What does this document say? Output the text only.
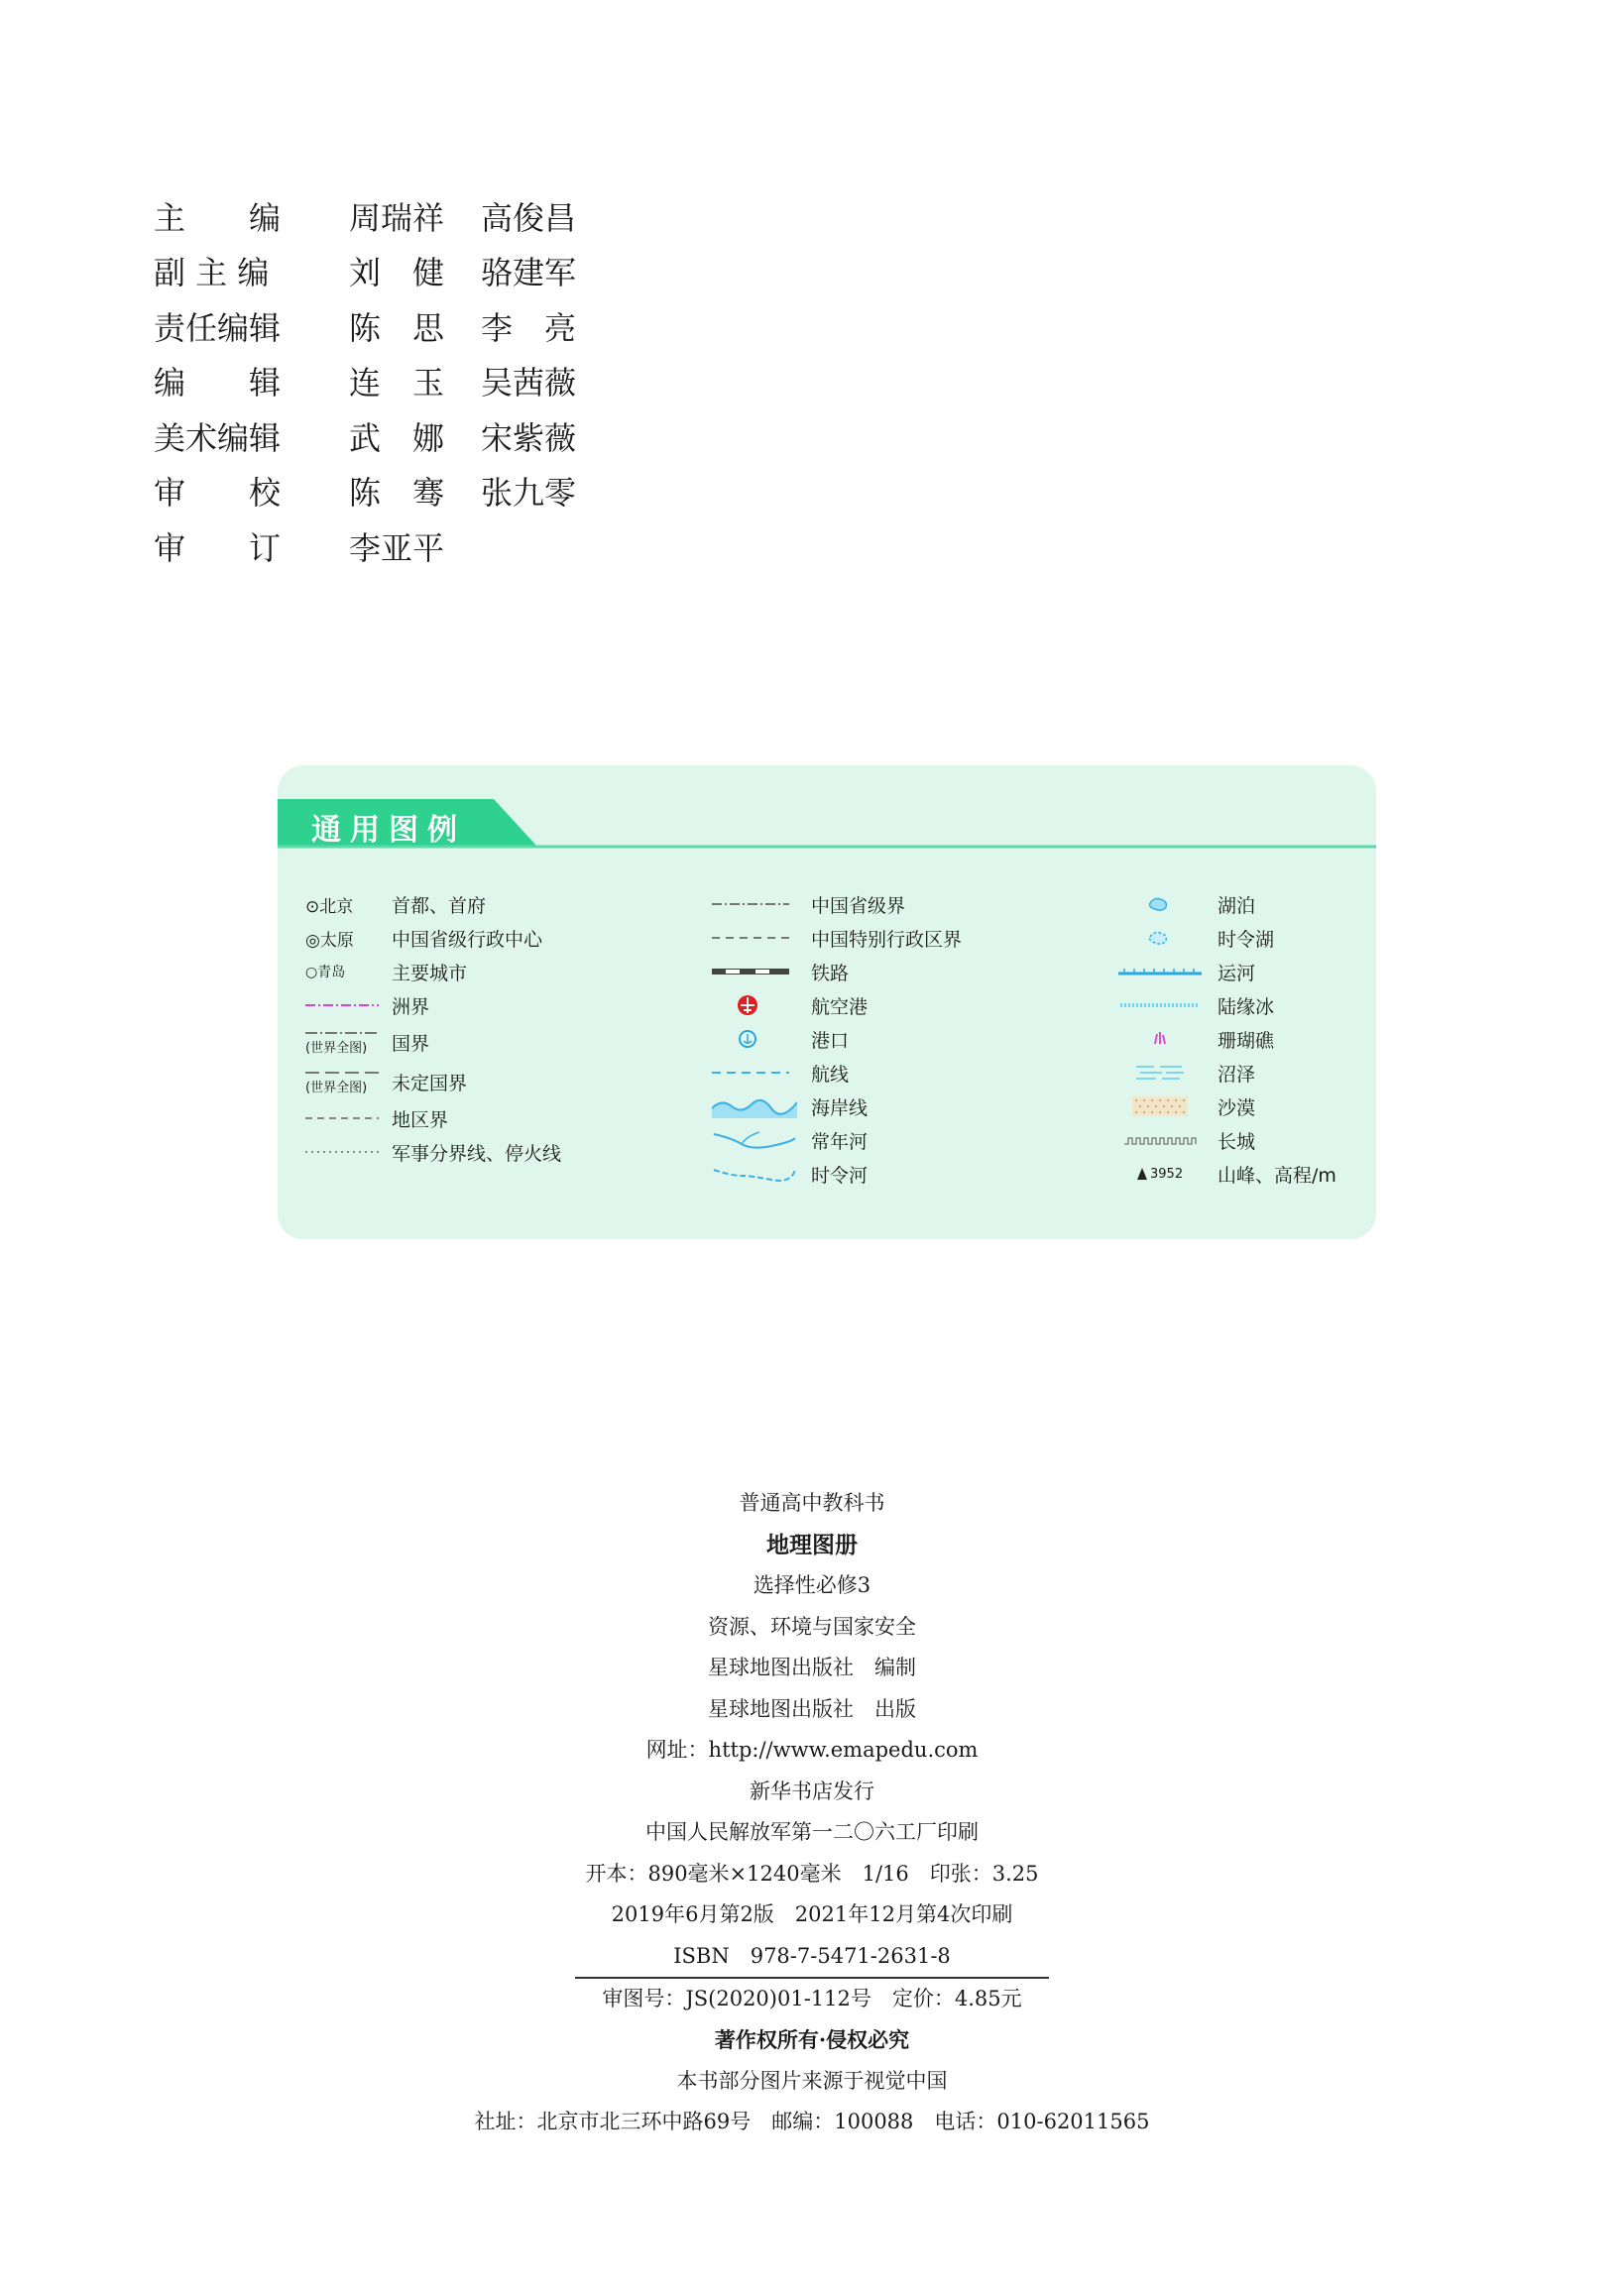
主　　编	周瑞祥	高俊昌
副 主 编	刘　健	骆建军
责任编辑	陈　思	李　亮
编　　辑	连　玉	吴茜薇
美术编辑	武　娜	宋紫薇
审　　校	陈　骞	张九零
审　　订	李亚平
通用图例
⊙北京	首都、首府
◎太原	中国省级行政中心
○青岛	主要城市
洲界
(世界全图) 国界
(世界全图) 未定国界
地区界
军事分界线、停火线
中国省级界
中国特别行政区界
铁路
航空港
港口
航线
海岸线
常年河
时令河
湖泊
时令湖
运河
陆缘冰
珊瑚礁
沼泽
沙漠
长城
3952 山峰、高程/m
普通高中教科书
地理图册
选择性必修3
资源、环境与国家安全
星球地图出版社　编制
星球地图出版社　出版
网址：http://www.emapedu.com
新华书店发行
中国人民解放军第一二〇六工厂印刷
开本：890毫米×1240毫米　1/16　印张：3.25
2019年6月第2版　2021年12月第4次印刷
ISBN　978-7-5471-2631-8
审图号：JS(2020)01-112号　定价：4.85元
著作权所有·侵权必究
本书部分图片来源于视觉中国
社址：北京市北三环中路69号　邮编：100088　电话：010-62011565
